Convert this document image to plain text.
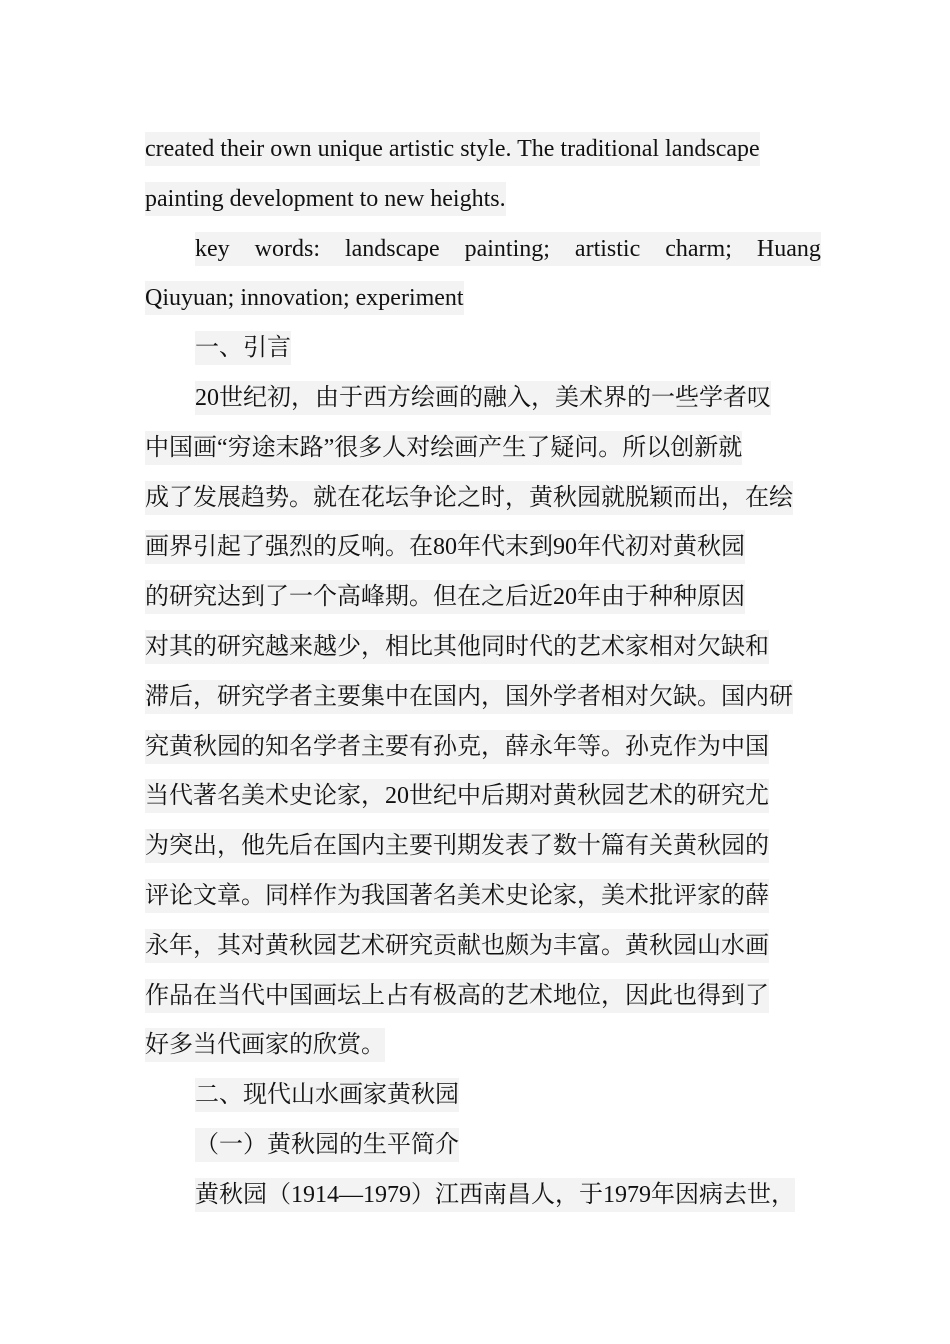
created their own unique artistic style. The traditional landscape
painting development to new heights.
key words: landscape painting; artistic charm; Huang
Qiuyuan; innovation; experiment
一、引言
20世纪初，由于西方绘画的融入，美术界的一些学者叹
中国画“穷途末路”很多人对绘画产生了疑问。所以创新就
成了发展趋势。就在花坛争论之时，黄秋园就脱颖而出，在绘
画界引起了强烈的反响。在80年代末到90年代初对黄秋园
的研究达到了一个高峰期。但在之后近20年由于种种原因
对其的研究越来越少，相比其他同时代的艺术家相对欠缺和
滞后，研究学者主要集中在国内，国外学者相对欠缺。国内研
究黄秋园的知名学者主要有孙克，薛永年等。孙克作为中国
当代著名美术史论家，20世纪中后期对黄秋园艺术的研究尤
为突出，他先后在国内主要刊期发表了数十篇有关黄秋园的
评论文章。同样作为我国著名美术史论家，美术批评家的薛
永年，其对黄秋园艺术研究贡献也颇为丰富。黄秋园山水画
作品在当代中国画坛上占有极高的艺术地位，因此也得到了
好多当代画家的欣赏。
二、现代山水画家黄秋园
（一）黄秋园的生平简介
黄秋园（1914—1979）江西南昌人，于1979年因病去世，
